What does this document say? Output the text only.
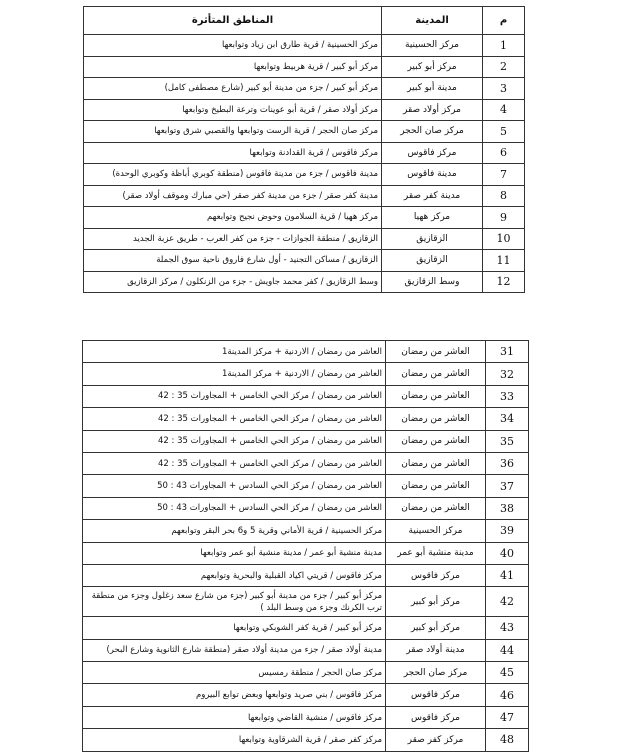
المناطق المتأثرة	المدينة	م
مركز الحسينية / قرية طارق ابن زياد وتوابعها	مركز الحسينية	1
مركز أبو كبير / قرية هربيط وتوابعها	مركز أبو كبير	2
مركز أبو كبير / جزء من مدينة أبو كبير (شارع مصطفى كامل)	مدينة أبو كبير	3
مركز أولاد صقر / قرية أبو عوينات وترعة البطيخ وتوابعها	مركز أولاد صقر	4
مركز صان الحجر / قرية الرست وتوابعها والقصبي شرق وتوابعها	مركز صان الحجر	5
مركز فاقوس / قرية القدادنة وتوابعها	مركز فاقوس	6
مدينة فاقوس / جزء من مدينة فاقوس (منطقة كوبري أباظة وكوبري الوحدة)	مدينة فاقوس	7
مدينة كفر صقر / جزء من مدينة كفر صقر (حي مبارك وموقف أولاد صقر)	مدينة كفر صقر	8
مركز ههيا / قرية السلامون وحوض نجيح وتوابعهم	مركز ههيا	9
الزقازيق / منطقة الجوازات - جزء من كفر العرب - طريق عزبة الجديد	الزقازيق	10
الزقازيق / مساكن التجنيد - أول شارع فاروق ناحية سوق الجملة	الزقازيق	11
وسط الزقازيق / كفر محمد جاويش - جزء من الزنكلون / مركز الزقازيق	وسط الزقازيق	12
العاشر من رمضان / الاردنية + مركز المدينة1	العاشر من رمضان	31
العاشر من رمضان / الاردنية + مركز المدينة1	العاشر من رمضان	32
العاشر من رمضان / مركز الحي الخامس + المجاورات 35 : 42	العاشر من رمضان	33
العاشر من رمضان / مركز الحي الخامس + المجاورات 35 : 42	العاشر من رمضان	34
العاشر من رمضان / مركز الحي الخامس + المجاورات 35 : 42	العاشر من رمضان	35
العاشر من رمضان / مركز الحي الخامس + المجاورات 35 : 42	العاشر من رمضان	36
العاشر من رمضان / مركز الحي السادس + المجاورات 43 : 50	العاشر من رمضان	37
العاشر من رمضان / مركز الحي السادس + المجاورات 43 : 50	العاشر من رمضان	38
مركز الحسينية / قرية الأماني وقرية 5 و6 بحر البقر وتوابعهم	مركز الحسينية	39
مدينة منشية أبو عمر / مدينة منشية أبو عمر وتوابعها	مدينة منشية أبو عمر	40
مركز فاقوس / قريتي اكياد القبلية والبحرية وتوابعهم	مركز فاقوس	41
مركز أبو كبير / جزء من مدينة أبو كبير (جزء من شارع سعد زغلول وجزء من منطقة ترب الكرنك وجزء من وسط البلد )	مركز أبو كبير	42
مركز أبو كبير / قرية كفر الشوبكي وتوابعها	مركز أبو كبير	43
مدينة أولاد صقر / جزء من مدينة أولاد صقر (منطقة شارع الثانوية وشارع البحر)	مدينة أولاد صقر	44
مركز صان الحجر / منطقة رمسيس	مركز صان الحجر	45
مركز فاقوس / بني صريد وتوابعها وبعض توابع البيروم	مركز فاقوس	46
مركز فاقوس / منشية القاضي وتوابعها	مركز فاقوس	47
مركز كفر صقر / قرية الشرقاوية وتوابعها	مركز كفر صقر	48
